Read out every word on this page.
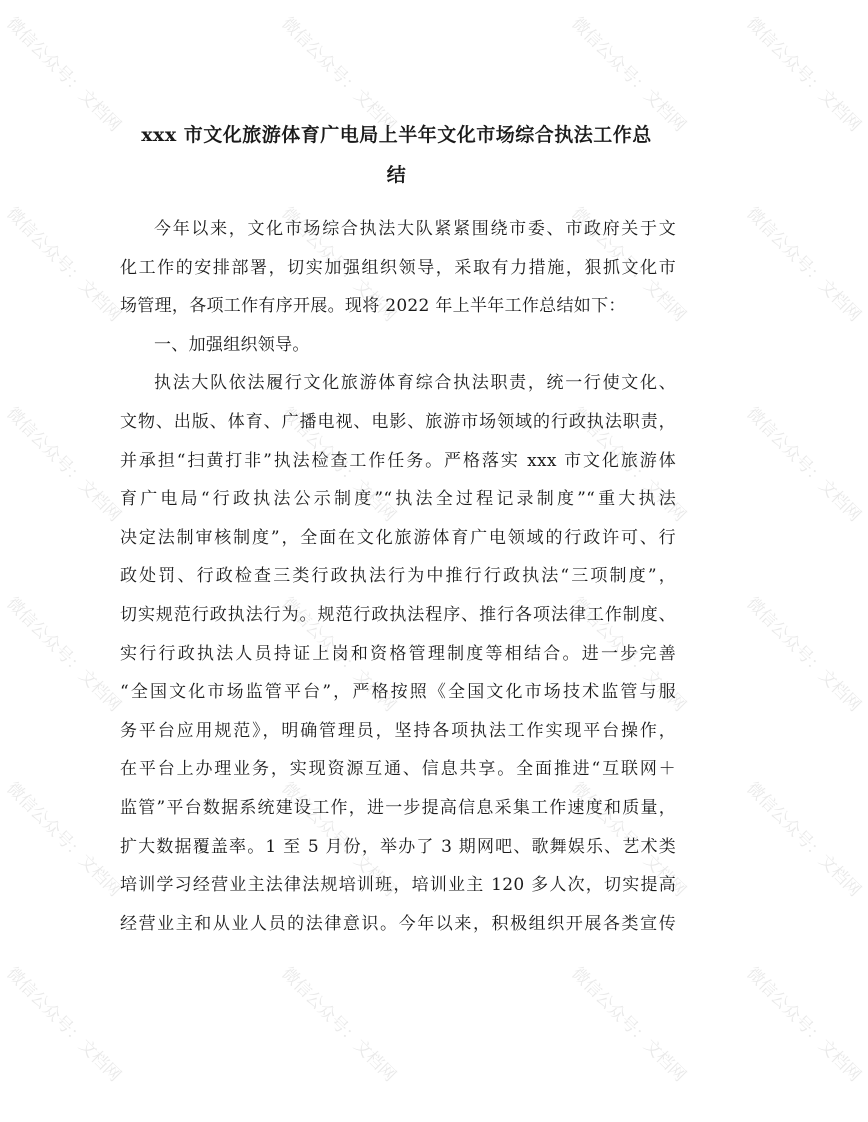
xxx 市文化旅游体育广电局上半年文化市场综合执法工作总
结
今年以来，文化市场综合执法大队紧紧围绕市委、市政府关于文
化工作的安排部署，切实加强组织领导，采取有力措施，狠抓文化市
场管理，各项工作有序开展。现将 2022 年上半年工作总结如下：
一、加强组织领导。
执法大队依法履行文化旅游体育综合执法职责，统一行使文化、
文物、出版、体育、广播电视、电影、旅游市场领域的行政执法职责，
并承担“扫黄打非”执法检查工作任务。严格落实 xxx 市文化旅游体
育广电局“行政执法公示制度”“执法全过程记录制度”“重大执法
决定法制审核制度”，全面在文化旅游体育广电领域的行政许可、行
政处罚、行政检查三类行政执法行为中推行行政执法“三项制度”，
切实规范行政执法行为。规范行政执法程序、推行各项法律工作制度、
实行行政执法人员持证上岗和资格管理制度等相结合。进一步完善
“全国文化市场监管平台”，严格按照《全国文化市场技术监管与服
务平台应用规范》，明确管理员，坚持各项执法工作实现平台操作，
在平台上办理业务，实现资源互通、信息共享。全面推进“互联网＋
监管”平台数据系统建设工作，进一步提高信息采集工作速度和质量，
扩大数据覆盖率。1 至 5 月份，举办了 3 期网吧、歌舞娱乐、艺术类
培训学习经营业主法律法规培训班，培训业主 120 多人次，切实提高
经营业主和从业人员的法律意识。今年以来，积极组织开展各类宣传
微信公众号：文档网	微信公众号：文档网	微信公众号：文档网	微信公众号：文档网
微信公众号：文档网	微信公众号：文档网	微信公众号：文档网	微信公众号：文档网
微信公众号：文档网	微信公众号：文档网	微信公众号：文档网	微信公众号：文档网
微信公众号：文档网	微信公众号：文档网	微信公众号：文档网	微信公众号：文档网
微信公众号：文档网	微信公众号：文档网	微信公众号：文档网	微信公众号：文档网
微信公众号：文档网	微信公众号：文档网	微信公众号：文档网	微信公众号：文档网
